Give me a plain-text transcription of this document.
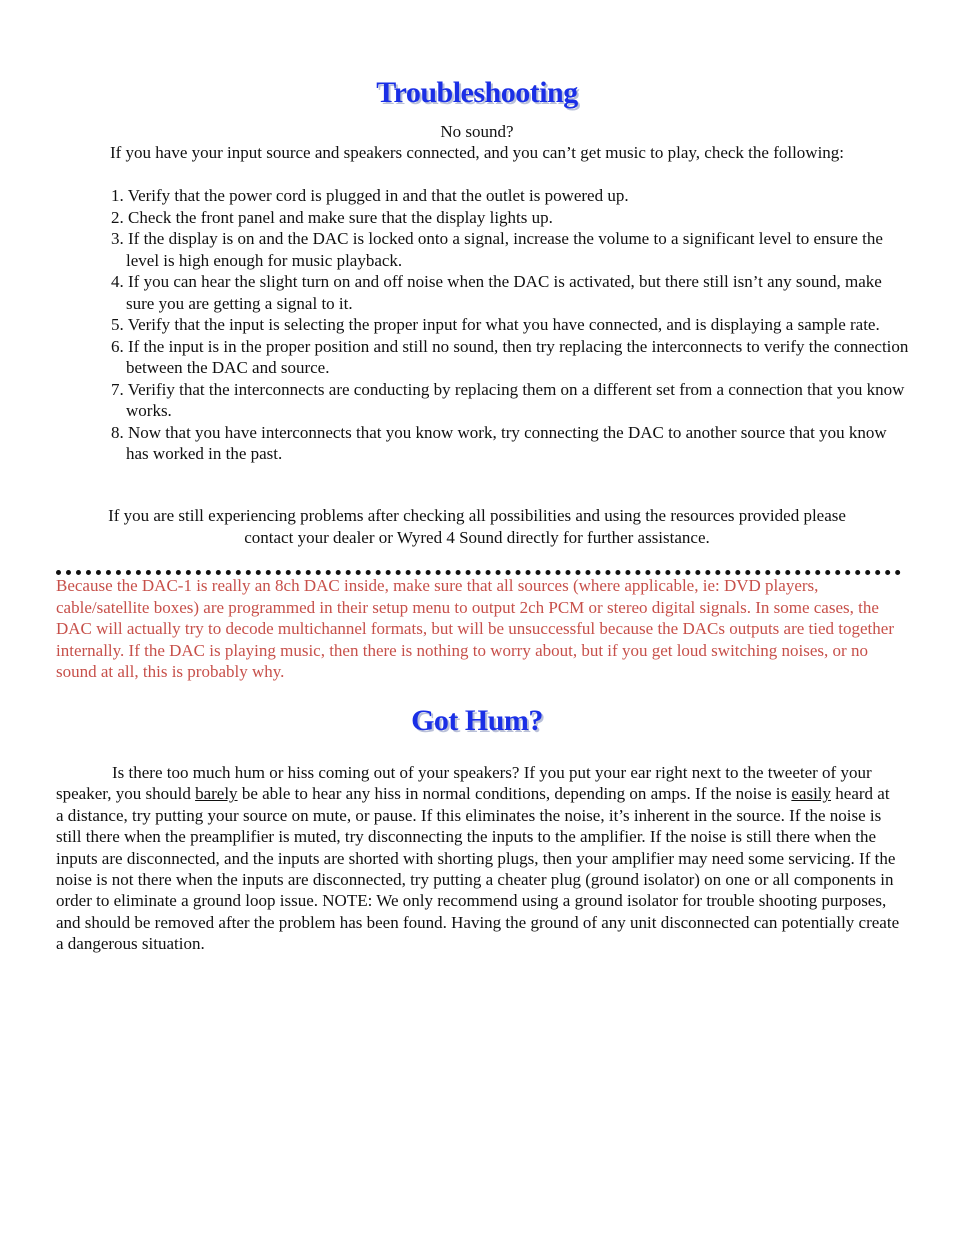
Troubleshooting
No sound?
If you have your input source and speakers connected, and you can’t get music to play, check the following:
1. Verify that the power cord is plugged in and that the outlet is powered up.
2. Check the front panel and make sure that the display lights up.
3. If the display is on and the DAC is locked onto a signal, increase the volume to a significant level to ensure the level is high enough for music playback.
4. If you can hear the slight turn on and off noise when the DAC is activated, but there still isn’t any sound, make sure you are getting a signal to it.
5. Verify that the input is selecting the proper input for what you have connected, and is displaying a sample rate.
6. If the input is in the proper position and still no sound, then try replacing the interconnects to verify the connection between the DAC and source.
7. Verifiy that the interconnects are conducting by replacing them on a different set from a connection that you know works.
8. Now that you have interconnects that you know work, try connecting the DAC to another source that you know has worked in the past.
If you are still experiencing problems after checking all possibilities and using the resources provided please
contact your dealer or Wyred 4 Sound directly for further assistance.
Because the DAC-1 is really an 8ch DAC inside, make sure that all sources (where applicable, ie: DVD players, cable/satellite boxes) are programmed in their setup menu to output 2ch PCM or stereo digital signals. In some cases, the DAC will actually try to decode multichannel formats, but will be unsuccessful because the DACs outputs are tied together internally. If the DAC is playing music, then there is nothing to worry about, but if you get loud switching noises, or no sound at all, this is probably why.
Got Hum?
Is there too much hum or hiss coming out of your speakers? If you put your ear right next to the tweeter of your speaker, you should barely be able to hear any hiss in normal conditions, depending on amps. If the noise is easily heard at a distance, try putting your source on mute, or pause. If this eliminates the noise, it’s inherent in the source. If the noise is still there when the preamplifier is muted, try disconnecting the inputs to the amplifier. If the noise is still there when the inputs are disconnected, and the inputs are shorted with shorting plugs, then your amplifier may need some servicing. If the noise is not there when the inputs are disconnected, try putting a cheater plug (ground isolator) on one or all components in order to eliminate a ground loop issue. NOTE: We only recommend using a ground isolator for trouble shooting purposes, and should be removed after the problem has been found. Having the ground of any unit disconnected can potentially create a dangerous situation.
